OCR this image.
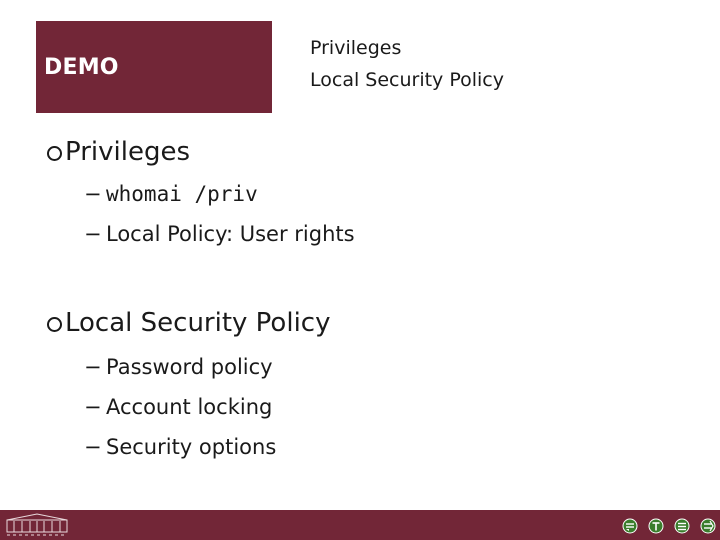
DEMO
Privileges
Local Security Policy
Privileges
− whomai /priv
− Local Policy: User rights
Local Security Policy
− Password policy
− Account locking
− Security options
